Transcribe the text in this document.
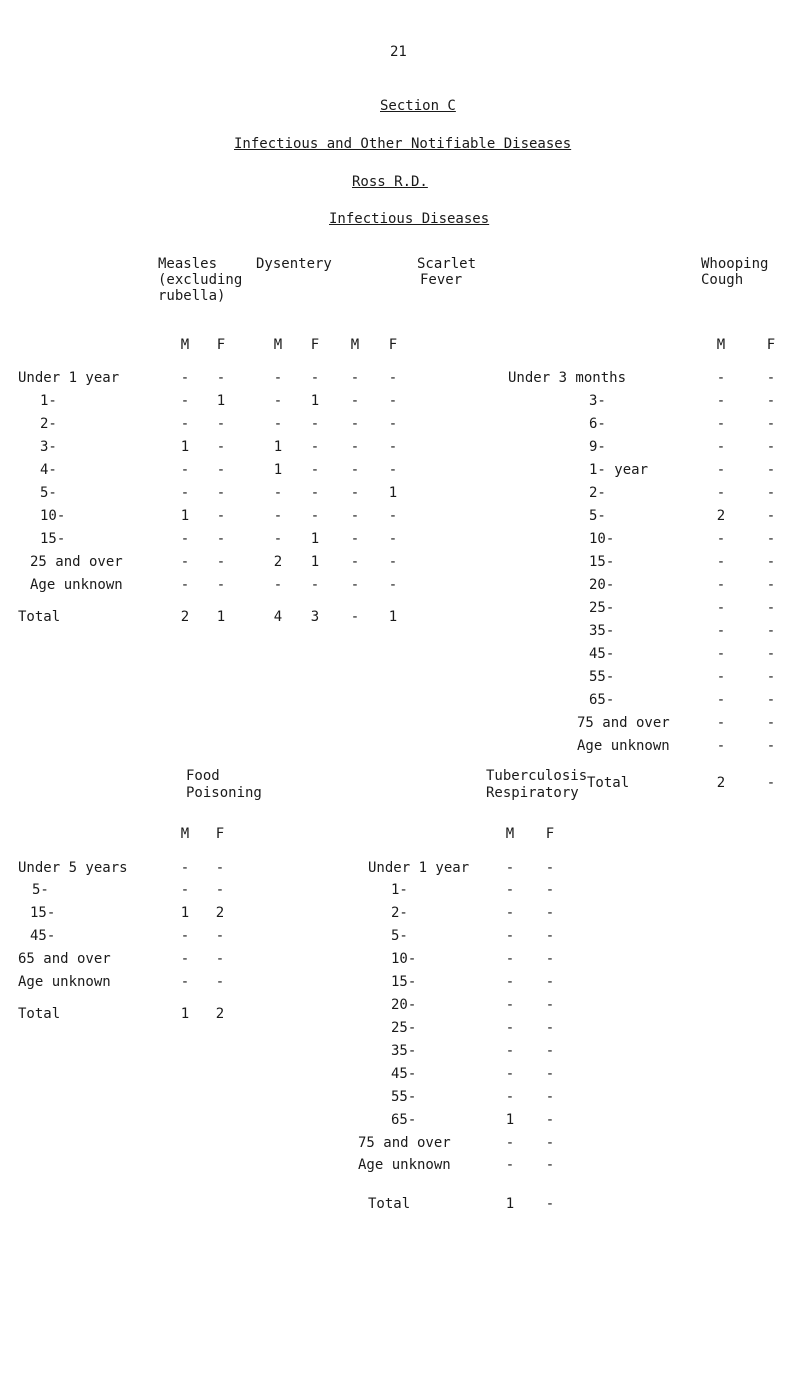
21
Section C
Infectious and Other Notifiable Diseases
Ross R.D.
Infectious Diseases
Measles
(excluding
rubella)
Dysentery	Scarlet
Fever
Whooping
Cough
M	F	M	F	M	F
Under 1 year	-	-	-	-	-	-
1-	-	1	-	1	-	-
2-	-	-	-	-	-	-
3-	1	-	1	-	-	-
4-	-	-	1	-	-	-
5-	-	-	-	-	-	1
10-	1	-	-	-	-	-
15-	-	-	-	1	-	-
25 and over	-	-	2	1	-	-
Age unknown	-	-	-	-	-	-
Total	2	1	4	3	-	1
M	F
Under 3 months	-	-
3-	-	-
6-	-	-
9-	-	-
1- year	-	-
2-	-	-
5-	2	-
10-	-	-
15-	-	-
20-	-	-
25-	-	-
35-	-	-
45-	-	-
55-	-	-
65-	-	-
75 and over	-	-
Age unknown	-	-
Total	2	-
Food
Poisoning
Tuberculosis
Respiratory
M	F
Under 5 years	-	-
5-	-	-
15-	1	2
45-	-	-
65 and over	-	-
Age unknown	-	-
Total	1	2
M	F
Under 1 year	-	-
1-	-	-
2-	-	-
5-	-	-
10-	-	-
15-	-	-
20-	-	-
25-	-	-
35-	-	-
45-	-	-
55-	-	-
65-	1	-
75 and over	-	-
Age unknown	-	-
Total	1	-
